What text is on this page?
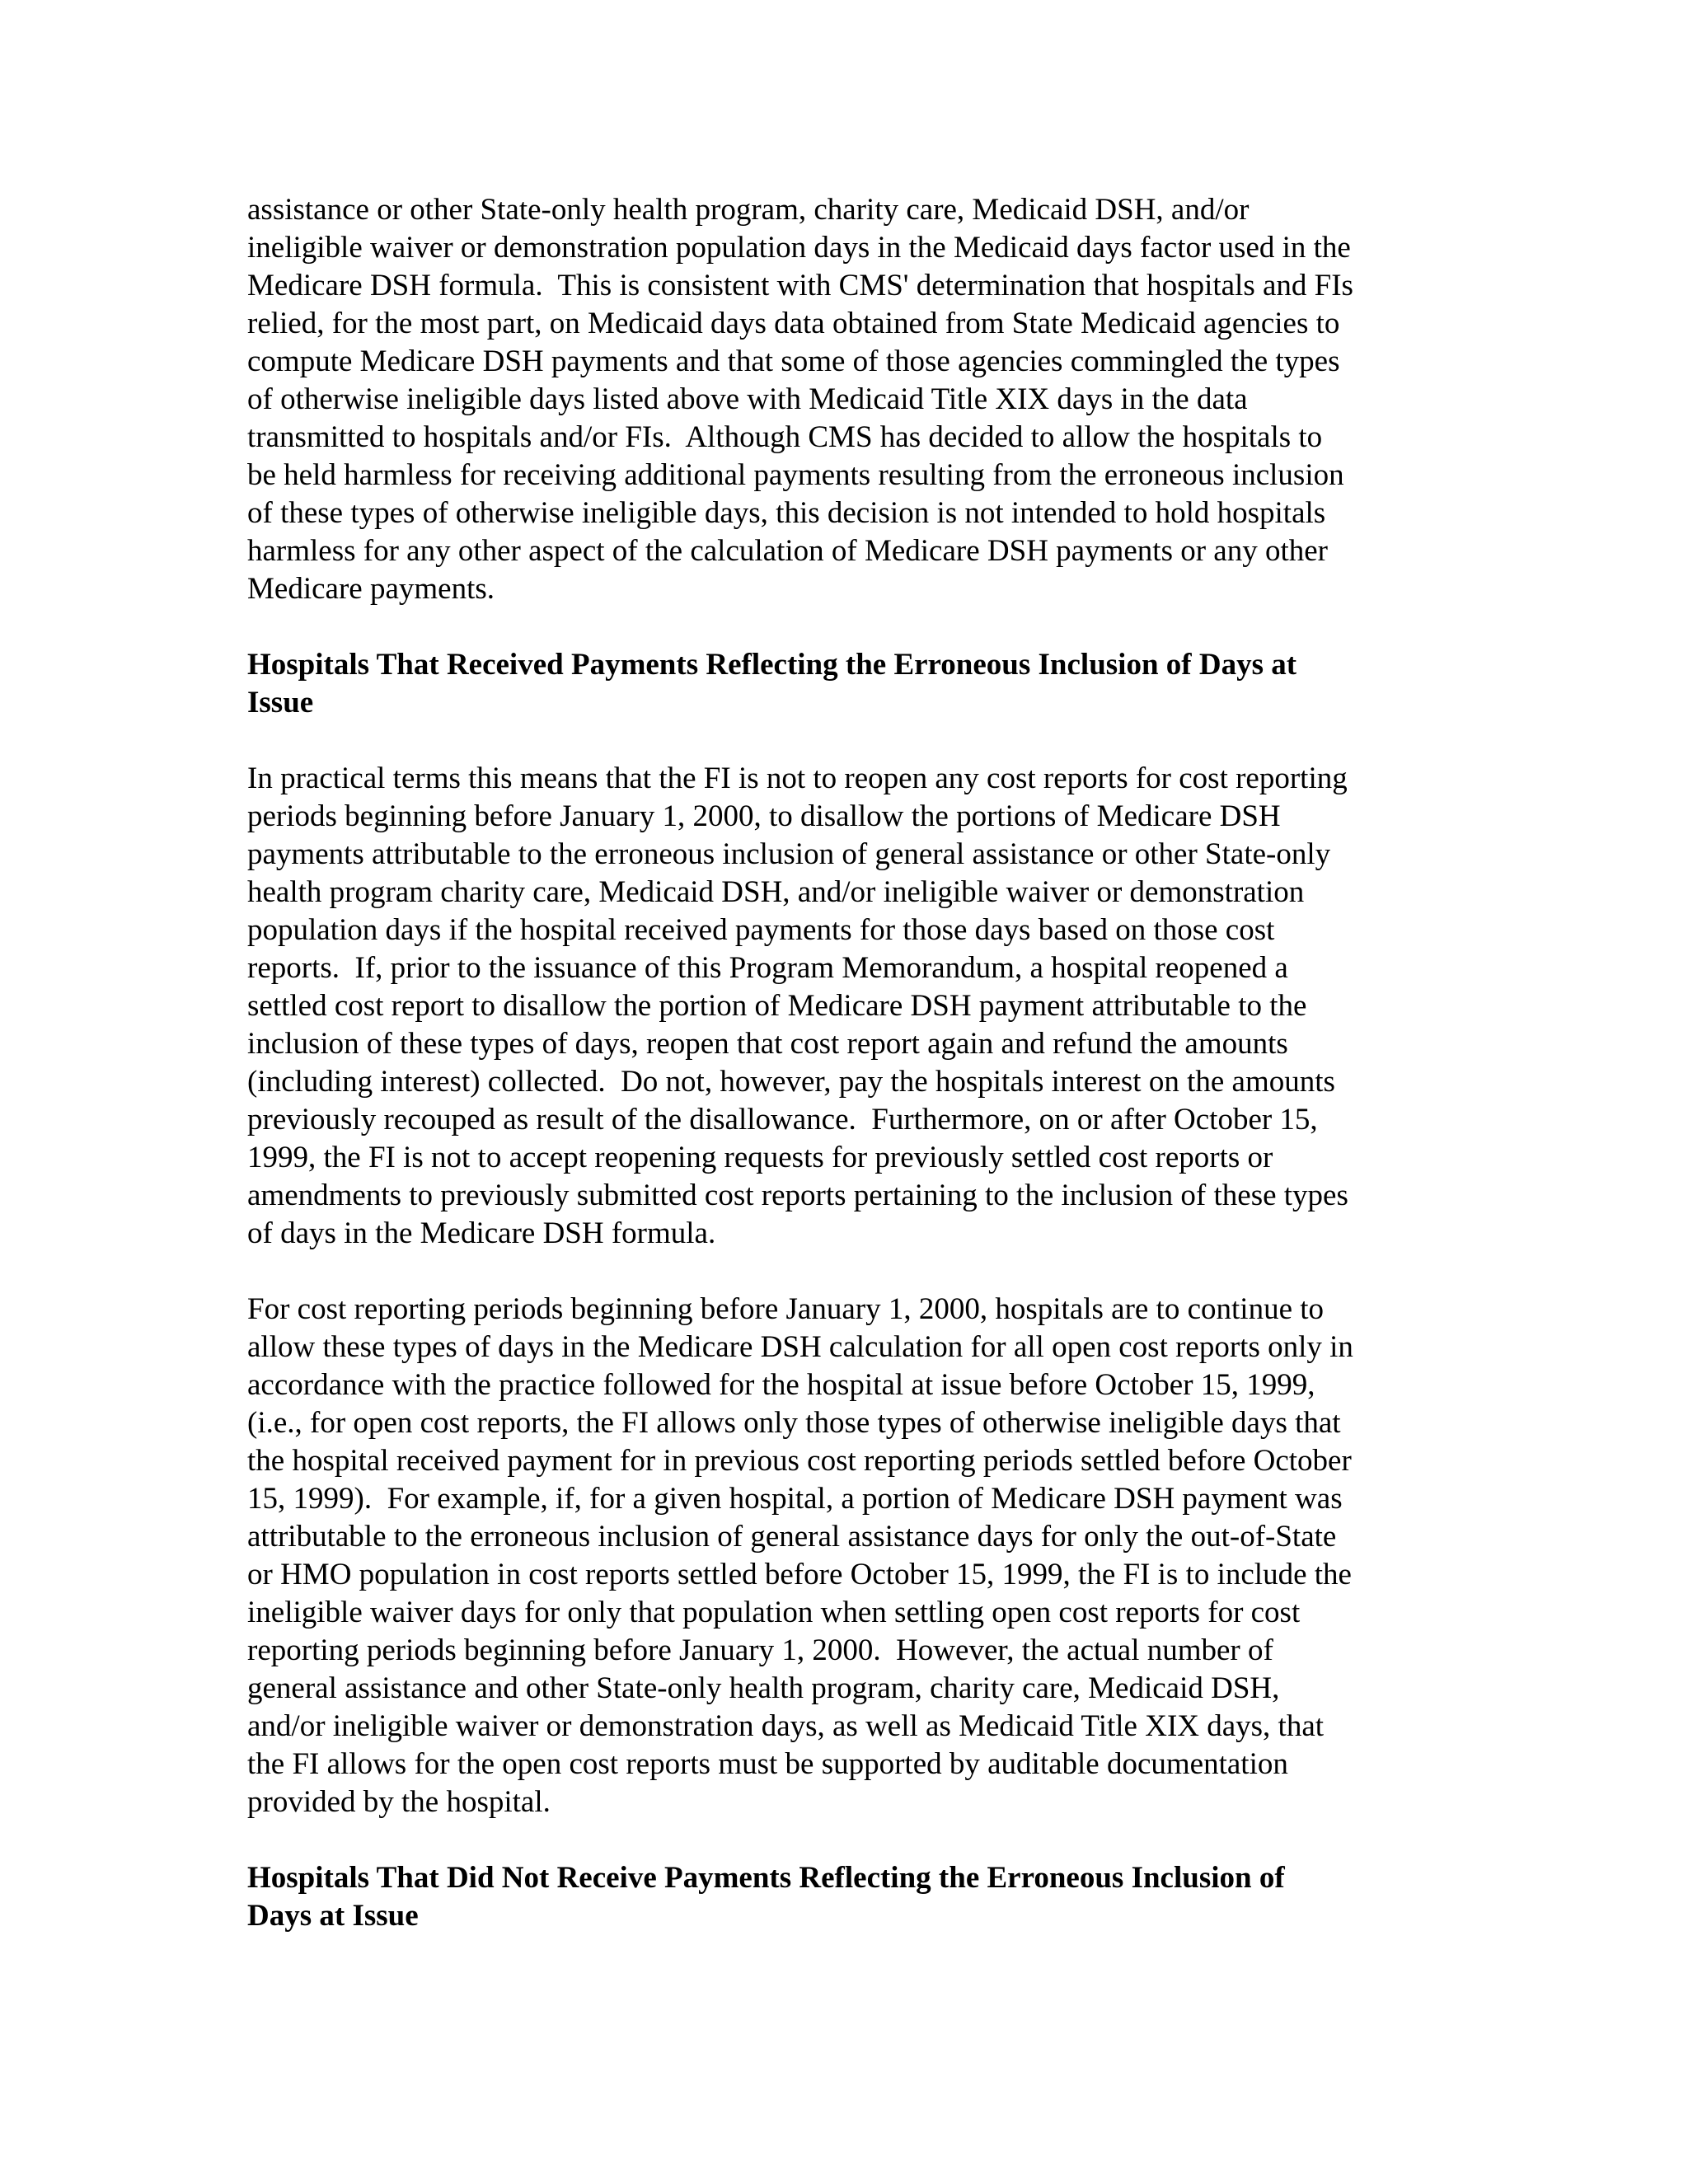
assistance or other State-only health program, charity care, Medicaid DSH, and/or
ineligible waiver or demonstration population days in the Medicaid days factor used in the
Medicare DSH formula.  This is consistent with CMS' determination that hospitals and FIs
relied, for the most part, on Medicaid days data obtained from State Medicaid agencies to
compute Medicare DSH payments and that some of those agencies commingled the types
of otherwise ineligible days listed above with Medicaid Title XIX days in the data
transmitted to hospitals and/or FIs.  Although CMS has decided to allow the hospitals to
be held harmless for receiving additional payments resulting from the erroneous inclusion
of these types of otherwise ineligible days, this decision is not intended to hold hospitals
harmless for any other aspect of the calculation of Medicare DSH payments or any other
Medicare payments.
Hospitals That Received Payments Reflecting the Erroneous Inclusion of Days at
Issue
In practical terms this means that the FI is not to reopen any cost reports for cost reporting
periods beginning before January 1, 2000, to disallow the portions of Medicare DSH
payments attributable to the erroneous inclusion of general assistance or other State-only
health program charity care, Medicaid DSH, and/or ineligible waiver or demonstration
population days if the hospital received payments for those days based on those cost
reports.  If, prior to the issuance of this Program Memorandum, a hospital reopened a
settled cost report to disallow the portion of Medicare DSH payment attributable to the
inclusion of these types of days, reopen that cost report again and refund the amounts
(including interest) collected.  Do not, however, pay the hospitals interest on the amounts
previously recouped as result of the disallowance.  Furthermore, on or after October 15,
1999, the FI is not to accept reopening requests for previously settled cost reports or
amendments to previously submitted cost reports pertaining to the inclusion of these types
of days in the Medicare DSH formula.
For cost reporting periods beginning before January 1, 2000, hospitals are to continue to
allow these types of days in the Medicare DSH calculation for all open cost reports only in
accordance with the practice followed for the hospital at issue before October 15, 1999,
(i.e., for open cost reports, the FI allows only those types of otherwise ineligible days that
the hospital received payment for in previous cost reporting periods settled before October
15, 1999).  For example, if, for a given hospital, a portion of Medicare DSH payment was
attributable to the erroneous inclusion of general assistance days for only the out-of-State
or HMO population in cost reports settled before October 15, 1999, the FI is to include the
ineligible waiver days for only that population when settling open cost reports for cost
reporting periods beginning before January 1, 2000.  However, the actual number of
general assistance and other State-only health program, charity care, Medicaid DSH,
and/or ineligible waiver or demonstration days, as well as Medicaid Title XIX days, that
the FI allows for the open cost reports must be supported by auditable documentation
provided by the hospital.
Hospitals That Did Not Receive Payments Reflecting the Erroneous Inclusion of
Days at Issue
